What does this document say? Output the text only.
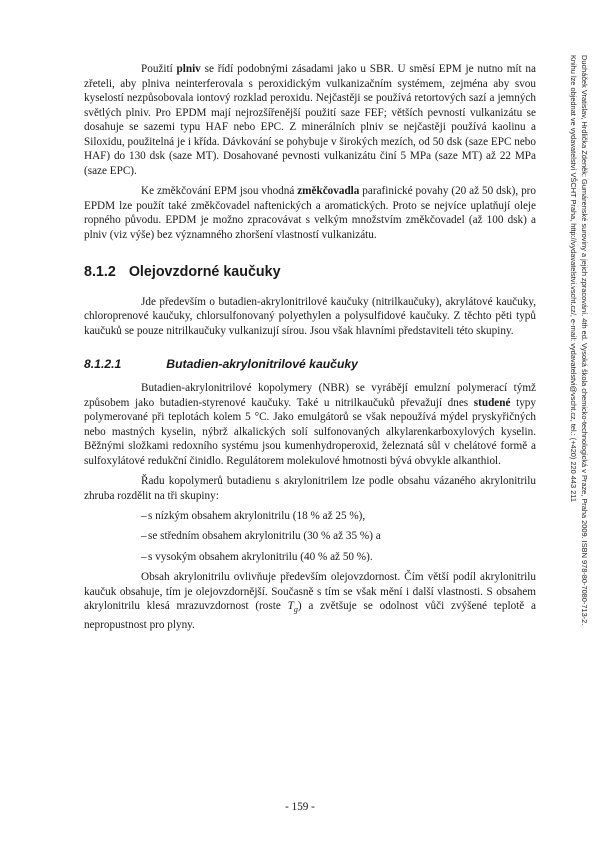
Použití plniv se řídí podobnými zásadami jako u SBR. U směsí EPM je nutno mít na zřeteli, aby plniva neinterferovala s peroxidickým vulkanizačním systémem, zejména aby svou kyselostí nezpůsobovala iontový rozklad peroxidu. Nejčastěji se používá retortových sazí a jemných světlých plniv. Pro EPDM mají nejrozšířenější použití saze FEF; větších pevností vulkanizátu se dosahuje se sazemi typu HAF nebo EPC. Z minerálních plniv se nejčastěji používá kaolinu a Siloxidu, použitelná je i křída. Dávkování se pohybuje v širokých mezích, od 50 dsk (saze EPC nebo HAF) do 130 dsk (saze MT). Dosahované pevnosti vulkanizátu činí 5 MPa (saze MT) až 22 MPa (saze EPC).

Ke změkčování EPM jsou vhodná změkčovadla parafinické povahy (20 až 50 dsk), pro EPDM lze použít také změkčovadel naftenických a aromatických. Proto se nejvíce uplatňují oleje ropného původu. EPDM je možno zpracovávat s velkým množstvím změkčovadel (až 100 dsk) a plniv (viz výše) bez významného zhoršení vlastností vulkanizátu.

8.1.2 Olejovzdorné kaučuky

Jde především o butadien-akrylonitrilové kaučuky (nitrilkaučuky), akrylátové kaučuky, chloroprenové kaučuky, chlorsulfonovaný polyethylen a polysulfidové kaučuky. Z těchto pěti typů kaučuků se pouze nitrilkaučuky vulkanizují sírou. Jsou však hlavními představiteli této skupiny.

8.1.2.1	Butadien-akrylonitrilové kaučuky

Butadien-akrylonitrilové kopolymery (NBR) se vyrábějí emulzní polymerací týmž způsobem jako butadien-styrenové kaučuky. Také u nitrilkaučuků převažují dnes studené typy polymerované při teplotách kolem 5 °C. Jako emulgátorů se však nepoužívá mýdel pryskyřičných nebo mastných kyselin, nýbrž alkalických solí sulfonovaných alkylarenkarboxylových kyselin. Běžnými složkami redoxního systému jsou kumenhydroperoxid, železnatá sůl v chelátové formě a sulfoxylátové redukční činidlo. Regulátorem molekulové hmotnosti bývá obvykle alkanthiol.

Řadu kopolymerů butadienu s akrylonitrilem lze podle obsahu vázaného akrylonitrilu zhruba rozdělit na tři skupiny:

– s nízkým obsahem akrylonitrilu (18 % až 25 %),
– se středním obsahem akrylonitrilu (30 % až 35 %) a
– s vysokým obsahem akrylonitrilu (40 % až 50 %).

Obsah akrylonitrilu ovlivňuje především olejovzdornost. Čím větší podíl akrylonitrilu kaučuk obsahuje, tím je olejovzdornější. Současně s tím se však mění i další vlastnosti. S obsahem akrylonitrilu klesá mrazuvzdornost (roste $T_g$) a zvětšuje se odolnost vůči zvýšené teplotě a nepropustnost pro plyny.	Ducháček Vratislav, Hrdlička Zdeněk: Gumárenské suroviny a jejich zpracování. 4th ed. Vysoká škola chemicko-technologická v Praze, Praha 2009. ISBN 978-80-7080-713-2.
Knihu lze objednat ve vydavatelství VŠCHT Praha, http://vydavatelstvi.vscht.cz/, e-mail: vydavatelstvi@vscht.cz, tel.: (+420) 220 443 211
- 159 -
